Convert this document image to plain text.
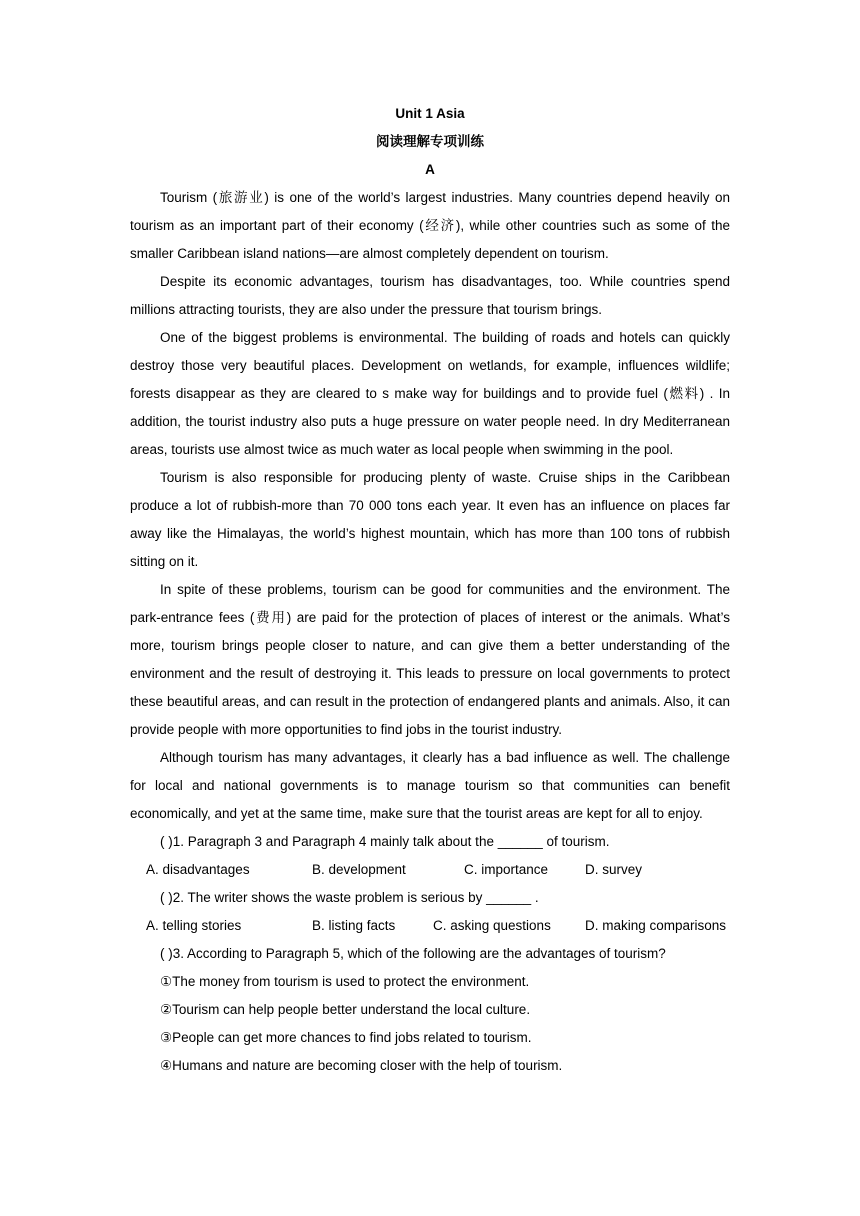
Unit 1 Asia
阅读理解专项训练
A

Tourism (旅游业) is one of the world’s largest industries. Many countries depend heavily on tourism as an important part of their economy (经济), while other countries such as some of the smaller Caribbean island nations—are almost completely dependent on tourism.

Despite its economic advantages, tourism has disadvantages, too. While countries spend millions attracting tourists, they are also under the pressure that tourism brings.

One of the biggest problems is environmental. The building of roads and hotels can quickly destroy those very beautiful places. Development on wetlands, for example, influences wildlife; forests disappear as they are cleared to s make way for buildings and to provide fuel (燃料) . In addition, the tourist industry also puts a huge pressure on water people need. In dry Mediterranean areas, tourists use almost twice as much water as local people when swimming in the pool.

Tourism is also responsible for producing plenty of waste. Cruise ships in the Caribbean produce a lot of rubbish-more than 70 000 tons each year. It even has an influence on places far away like the Himalayas, the world’s highest mountain, which has more than 100 tons of rubbish sitting on it.

In spite of these problems, tourism can be good for communities and the environment. The park-entrance fees (费用) are paid for the protection of places of interest or the animals. What’s more, tourism brings people closer to nature, and can give them a better understanding of the environment and the result of destroying it. This leads to pressure on local governments to protect these beautiful areas, and can result in the protection of endangered plants and animals. Also, it can provide people with more opportunities to find jobs in the tourist industry.

Although tourism has many advantages, it clearly has a bad influence as well. The challenge for local and national governments is to manage tourism so that communities can benefit economically, and yet at the same time, make sure that the tourist areas are kept for all to enjoy.

( )1. Paragraph 3 and Paragraph 4 mainly talk about the ______ of tourism.
A. disadvantages	B. development	C. importance	D. survey
( )2. The writer shows the waste problem is serious by ______ .
A. telling stories	B. listing facts	C. asking questions	D. making comparisons
( )3. According to Paragraph 5, which of the following are the advantages of tourism?
①The money from tourism is used to protect the environment.
②Tourism can help people better understand the local culture.
③People can get more chances to find jobs related to tourism.
④Humans and nature are becoming closer with the help of tourism.
